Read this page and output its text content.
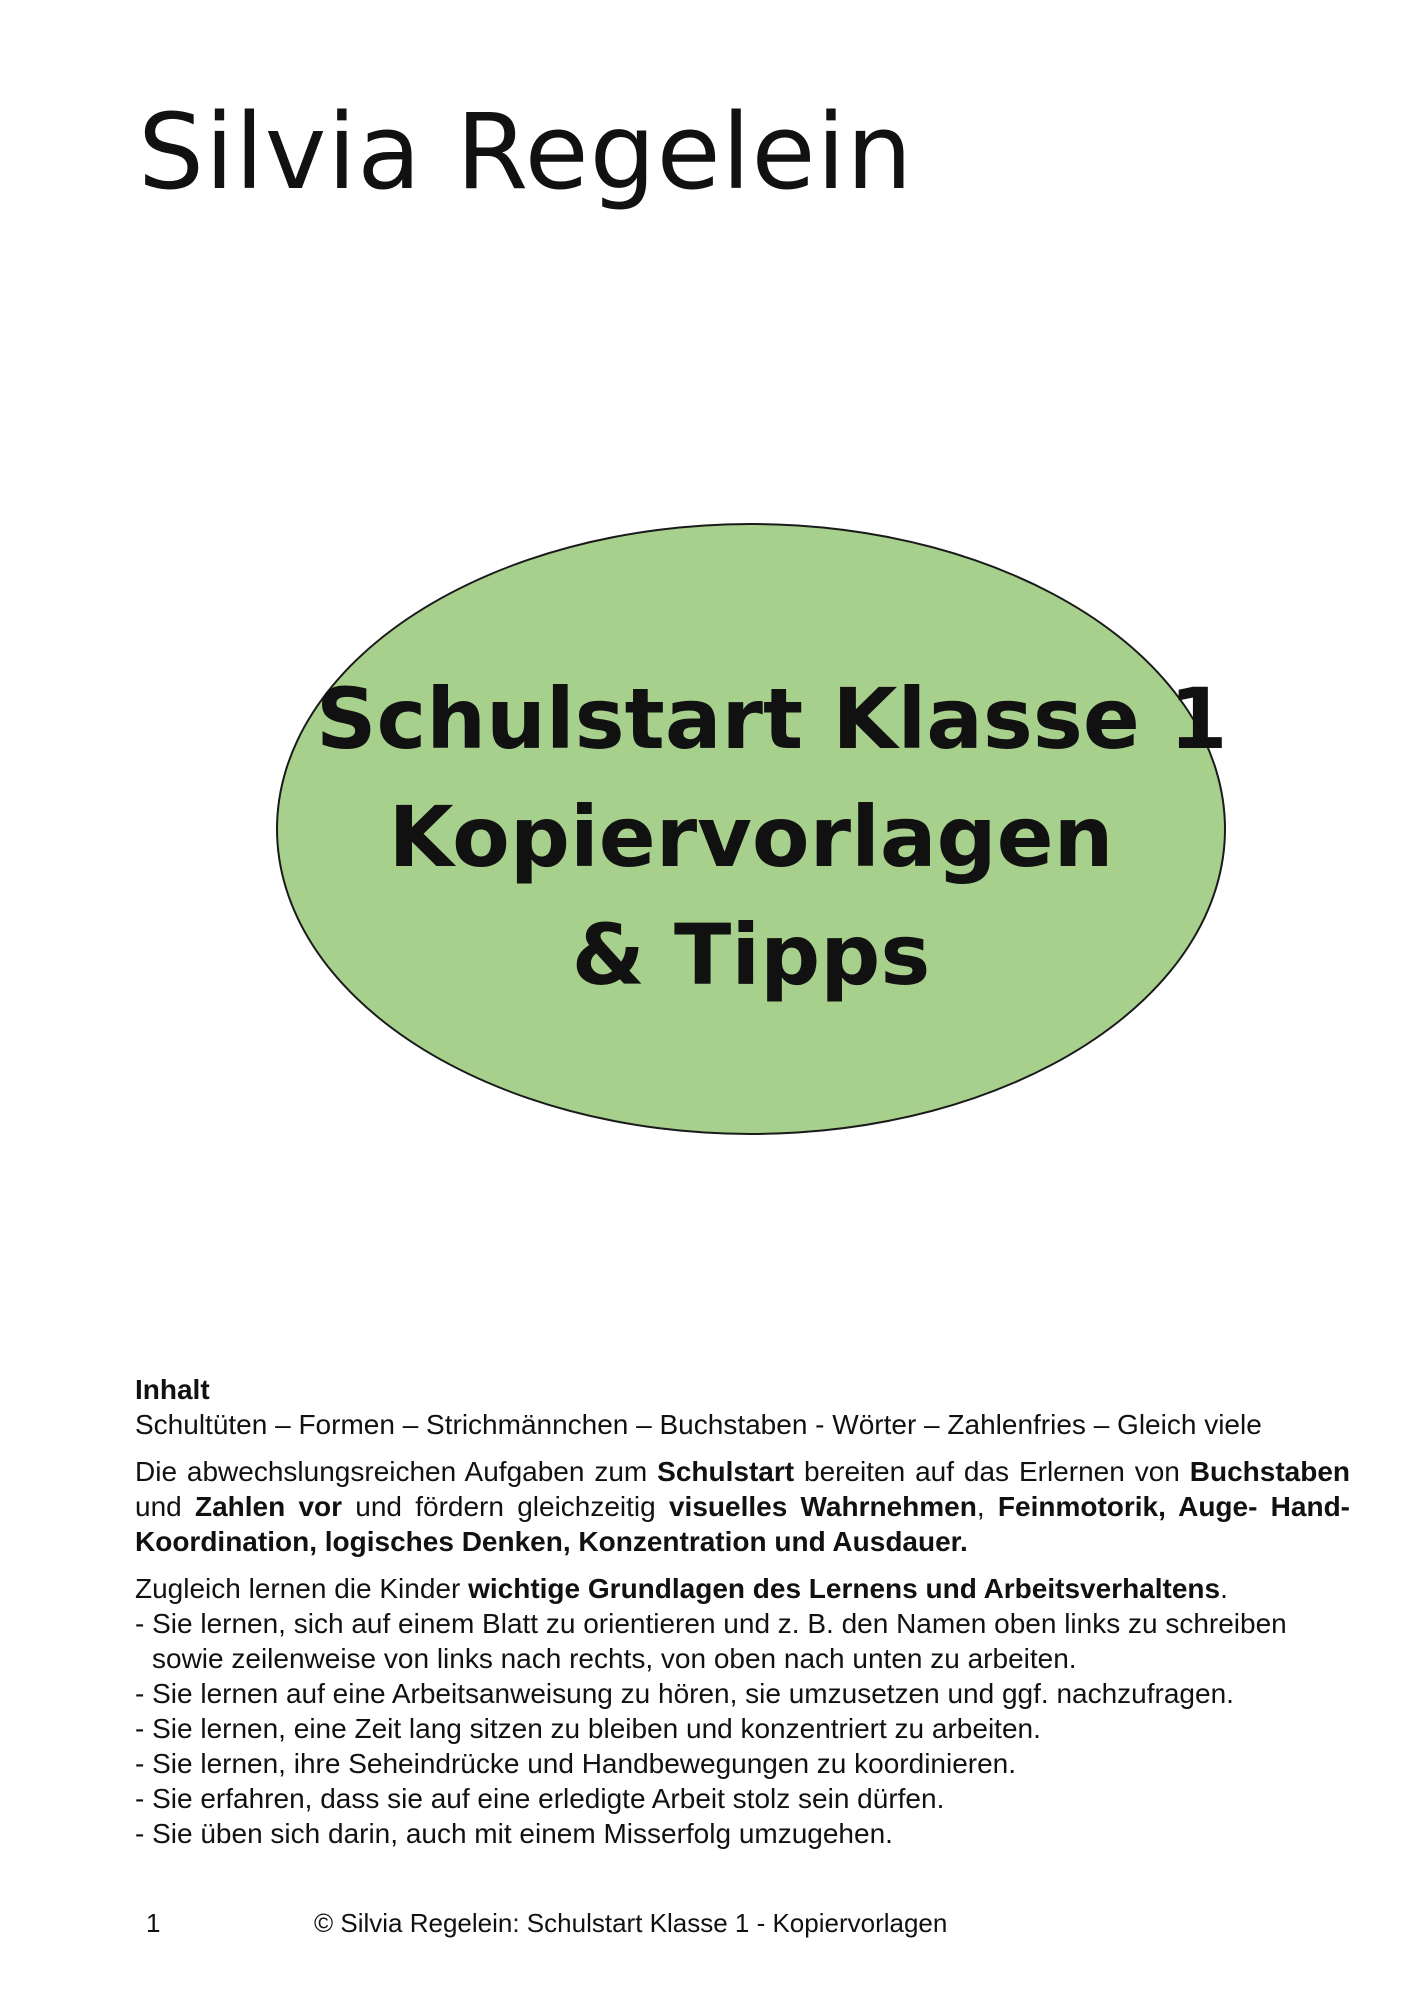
Silvia Regelein
Schulstart Klasse 1
Kopiervorlagen
& Tipps
Inhalt
Schultüten – Formen – Strichmännchen – Buchstaben - Wörter – Zahlenfries – Gleich viele
Die abwechslungsreichen Aufgaben zum Schulstart bereiten auf das Erlernen von Buchstaben und Zahlen vor und fördern gleichzeitig visuelles Wahrnehmen, Feinmotorik, Auge- Hand-Koordination, logisches Denken, Konzentration und Ausdauer.
Zugleich lernen die Kinder wichtige Grundlagen des Lernens und Arbeitsverhaltens.
- Sie lernen, sich auf einem Blatt zu orientieren und z. B. den Namen oben links zu schreiben sowie zeilenweise von links nach rechts, von oben nach unten zu arbeiten.
- Sie lernen auf eine Arbeitsanweisung zu hören, sie umzusetzen und ggf. nachzufragen.
- Sie lernen, eine Zeit lang sitzen zu bleiben und konzentriert zu arbeiten.
- Sie lernen, ihre Seheindrücke und Handbewegungen zu koordinieren.
- Sie erfahren, dass sie auf eine erledigte Arbeit stolz sein dürfen.
- Sie üben sich darin, auch mit einem Misserfolg umzugehen.
1	© Silvia Regelein: Schulstart Klasse 1 - Kopiervorlagen
